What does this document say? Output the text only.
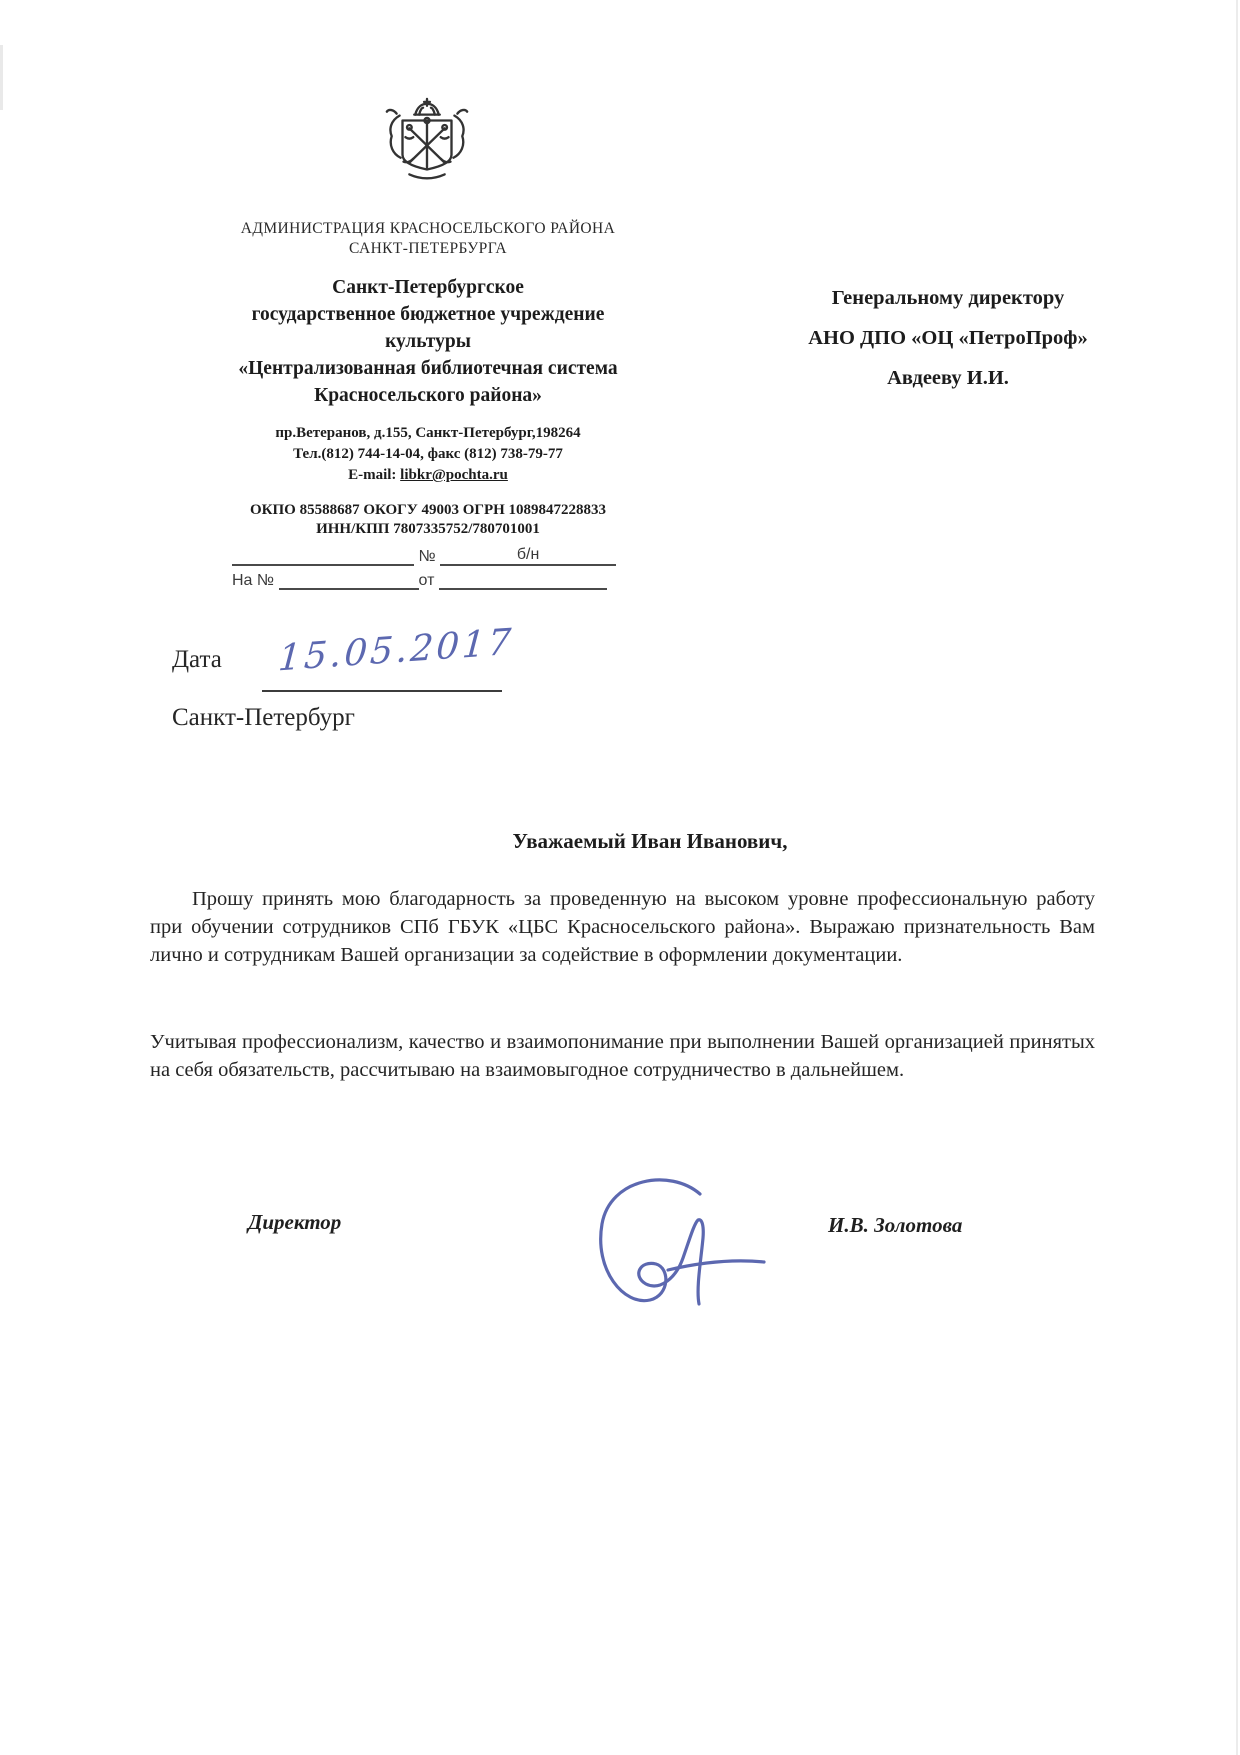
АДМИНИСТРАЦИЯ КРАСНОСЕЛЬСКОГО РАЙОНА
САНКТ-ПЕТЕРБУРГА
Санкт-Петербургское
государственное бюджетное учреждение
культуры
«Централизованная библиотечная система
Красносельского района»
пр.Ветеранов, д.155, Санкт-Петербург,198264
Тел.(812) 744-14-04, факс (812) 738-79-77
E-mail: libkr@pochta.ru
ОКПО 85588687 ОКОГУ 49003 ОГРН 1089847228833
ИНН/КПП 7807335752/780701001
№	б/н
На №	от
Генеральному директору
АНО ДПО «ОЦ «ПетроПроф»
Авдееву И.И.
Дата 15.05.2017
Санкт-Петербург
Уважаемый Иван Иванович,
Прошу принять мою благодарность за проведенную на высоком уровне профессиональную работу при обучении сотрудников СПб ГБУК «ЦБС Красносельского района». Выражаю признательность Вам лично и сотрудникам Вашей организации за содействие в оформлении документации.
Учитывая профессионализм, качество и взаимопонимание при выполнении Вашей организацией принятых на себя обязательств, рассчитываю на взаимовыгодное сотрудничество в дальнейшем.
Директор	И.В. Золотова
